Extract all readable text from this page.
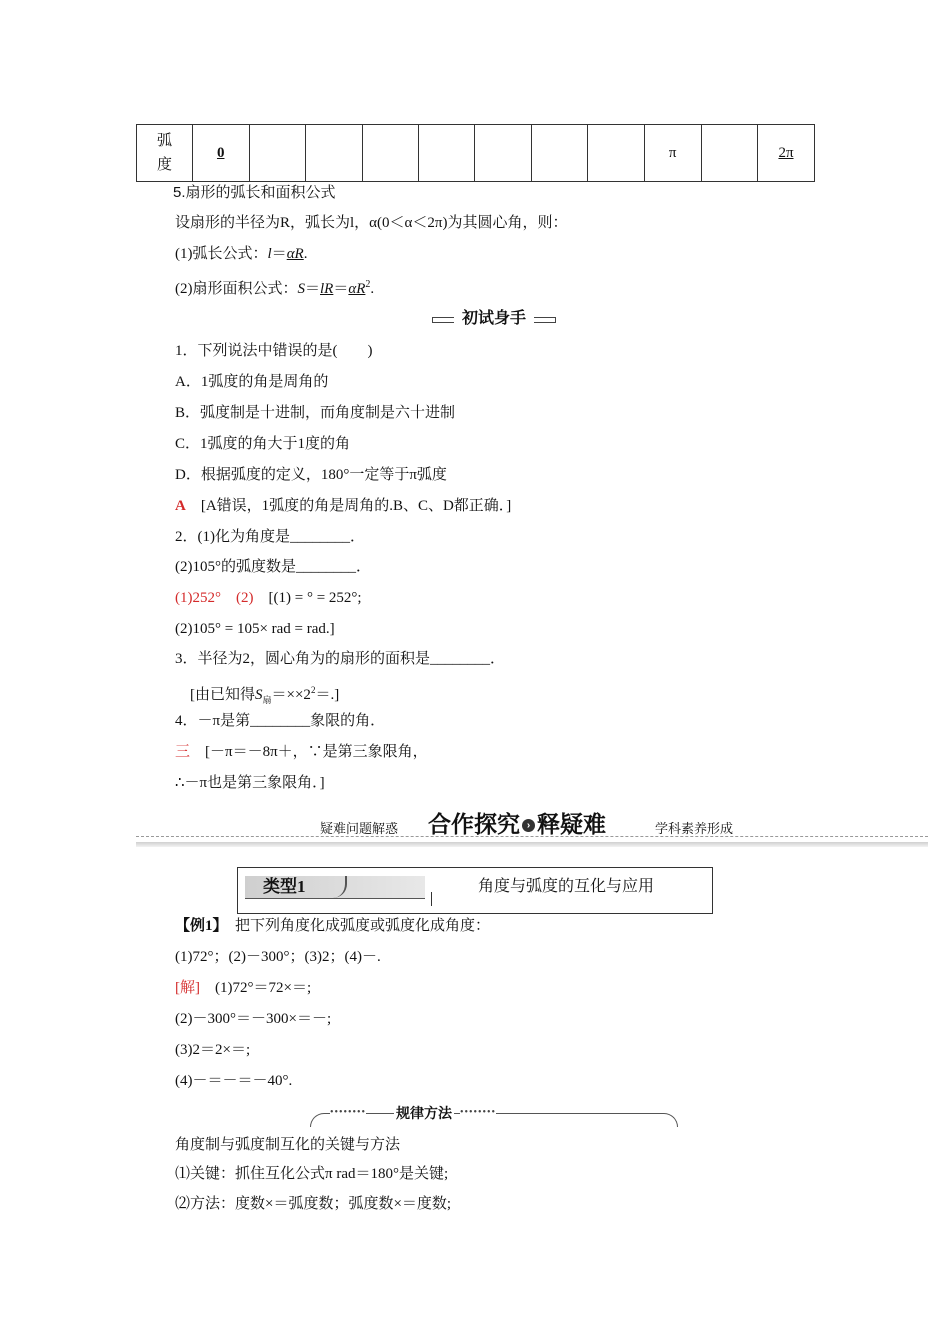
弧
度	0								π		2π
5.扇形的弧长和面积公式
设扇形的半径为R，弧长为l，α(0＜α＜2π)为其圆心角，则：
(1)弧长公式：l＝αR.
(2)扇形面积公式：$S=lR=\alpha R^2$.
初试身手
1．下列说法中错误的是(　　)
A．1弧度的角是周角的
B．弧度制是十进制，而角度制是六十进制
C．1弧度的角大于1度的角
D．根据弧度的定义，180°一定等于π弧度
A　 [A错误，1弧度的角是周角的.B、C、D都正确．]
2．(1)化为角度是________．
(2)105°的弧度数是________．
(1)252°　(2)　 [(1) = ° = 252°;
(2)105° = 105× rad = rad.]
3．半径为2，圆心角为的扇形的面积是________．
[由已知得$S_扇=\times\times 2^2=$.]
4．－π是第________象限的角．
三　 [－π＝－8π＋，∵是第三象限角，
∴－π也是第三象限角．]
疑难问题解惑 合作探究 › 释疑难	学科素养形成
类型1	角度与弧度的互化与应用
【例1】　 把下列角度化成弧度或弧度化成角度：
(1)72°；(2)－300°；(3)2；(4)－.
[解]　 (1)72°＝72×＝;
(2)－300°＝－300×＝－;
(3)2＝2×＝;
(4)－＝－＝－40°.
•••••••• 规律方法 ••••••••
角度制与弧度制互化的关键与方法
⑴关键：抓住互化公式π rad＝180°是关键;
⑵方法：度数×＝弧度数；弧度数×＝度数;
